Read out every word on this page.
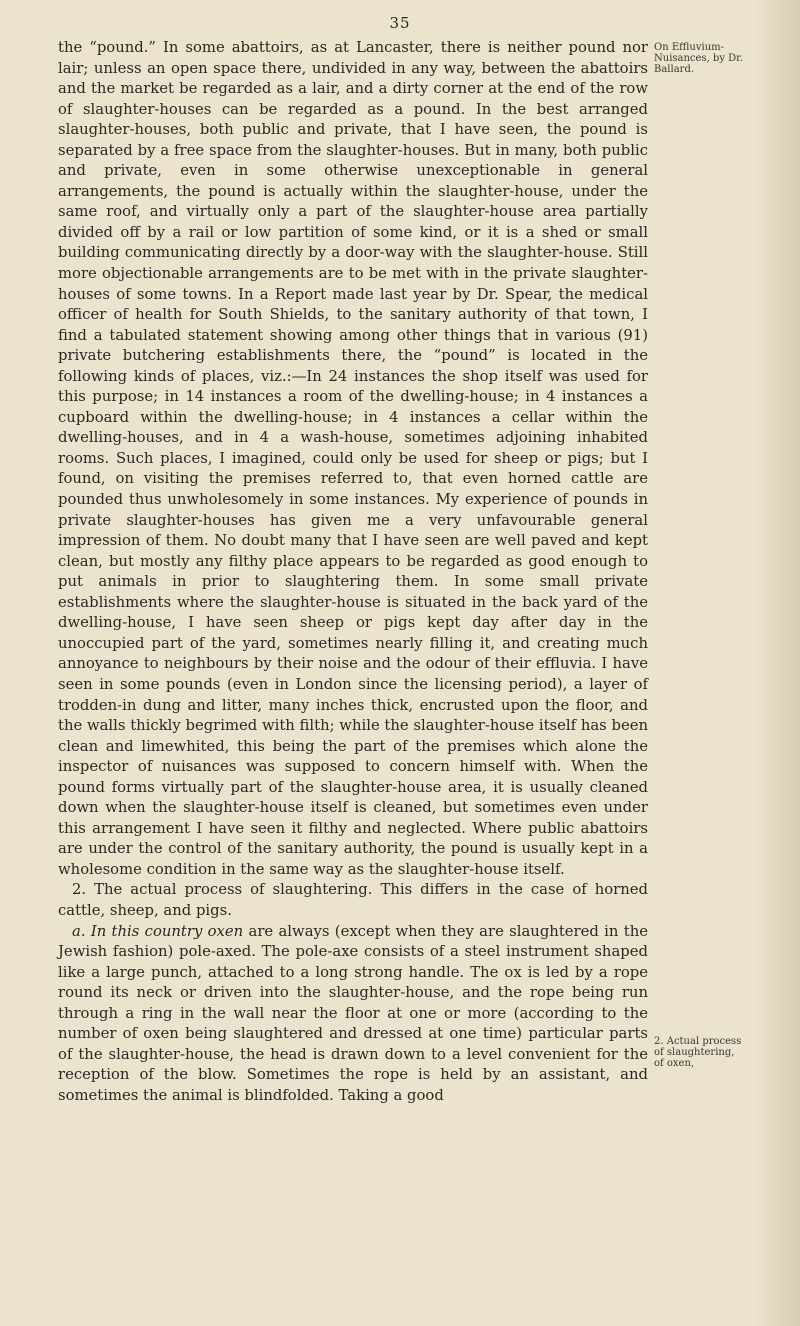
35

the “pound.” In some abattoirs, as at Lancaster, there is neither pound nor lair; unless an open space there, undivided in any way, between the abattoirs and the market be regarded as a lair, and a dirty corner at the end of the row of slaughter-houses can be regarded as a pound. In the best arranged slaughter-houses, both public and private, that I have seen, the pound is separated by a free space from the slaughter-houses. But in many, both public and private, even in some otherwise unexceptionable in general arrangements, the pound is actually within the slaughter-house, under the same roof, and virtually only a part of the slaughter-house area partially divided off by a rail or low partition of some kind, or it is a shed or small building communicating directly by a door-way with the slaughter-house. Still more objectionable arrangements are to be met with in the private slaughter-houses of some towns. In a Report made last year by Dr. Spear, the medical officer of health for South Shields, to the sanitary authority of that town, I find a tabulated statement showing among other things that in various (91) private butchering establishments there, the “pound” is located in the following kinds of places, viz.:—In 24 instances the shop itself was used for this purpose; in 14 instances a room of the dwelling-house; in 4 instances a cupboard within the dwelling-house; in 4 instances a cellar within the dwelling-houses, and in 4 a wash-house, sometimes adjoining inhabited rooms. Such places, I imagined, could only be used for sheep or pigs; but I found, on visiting the premises referred to, that even horned cattle are pounded thus unwholesomely in some instances. My experience of pounds in private slaughter-houses has given me a very unfavourable general impression of them. No doubt many that I have seen are well paved and kept clean, but mostly any filthy place appears to be regarded as good enough to put animals in prior to slaughtering them. In some small private establishments where the slaughter-house is situated in the back yard of the dwelling-house, I have seen sheep or pigs kept day after day in the unoccupied part of the yard, sometimes nearly filling it, and creating much annoyance to neighbours by their noise and the odour of their effluvia. I have seen in some pounds (even in London since the licensing period), a layer of trodden-in dung and litter, many inches thick, encrusted upon the floor, and the walls thickly begrimed with filth; while the slaughter-house itself has been clean and limewhited, this being the part of the premises which alone the inspector of nuisances was supposed to concern himself with. When the pound forms virtually part of the slaughter-house area, it is usually cleaned down when the slaughter-house itself is cleaned, but sometimes even under this arrangement I have seen it filthy and neglected. Where public abattoirs are under the control of the sanitary authority, the pound is usually kept in a wholesome condition in the same way as the slaughter-house itself.

2. The actual process of slaughtering. This differs in the case of horned cattle, sheep, and pigs.

a. In this country oxen are always (except when they are slaughtered in the Jewish fashion) pole-axed. The pole-axe consists of a steel instrument shaped like a large punch, attached to a long strong handle. The ox is led by a rope round its neck or driven into the slaughter-house, and the rope being run through a ring in the wall near the floor at one or more (according to the number of oxen being slaughtered and dressed at one time) particular parts of the slaughter-house, the head is drawn down to a level convenient for the reception of the blow. Sometimes the rope is held by an assistant, and sometimes the animal is blindfolded. Taking a good

On Effluvium-Nuisances, by Dr. Ballard.
2. Actual process of slaughtering, of oxen,
